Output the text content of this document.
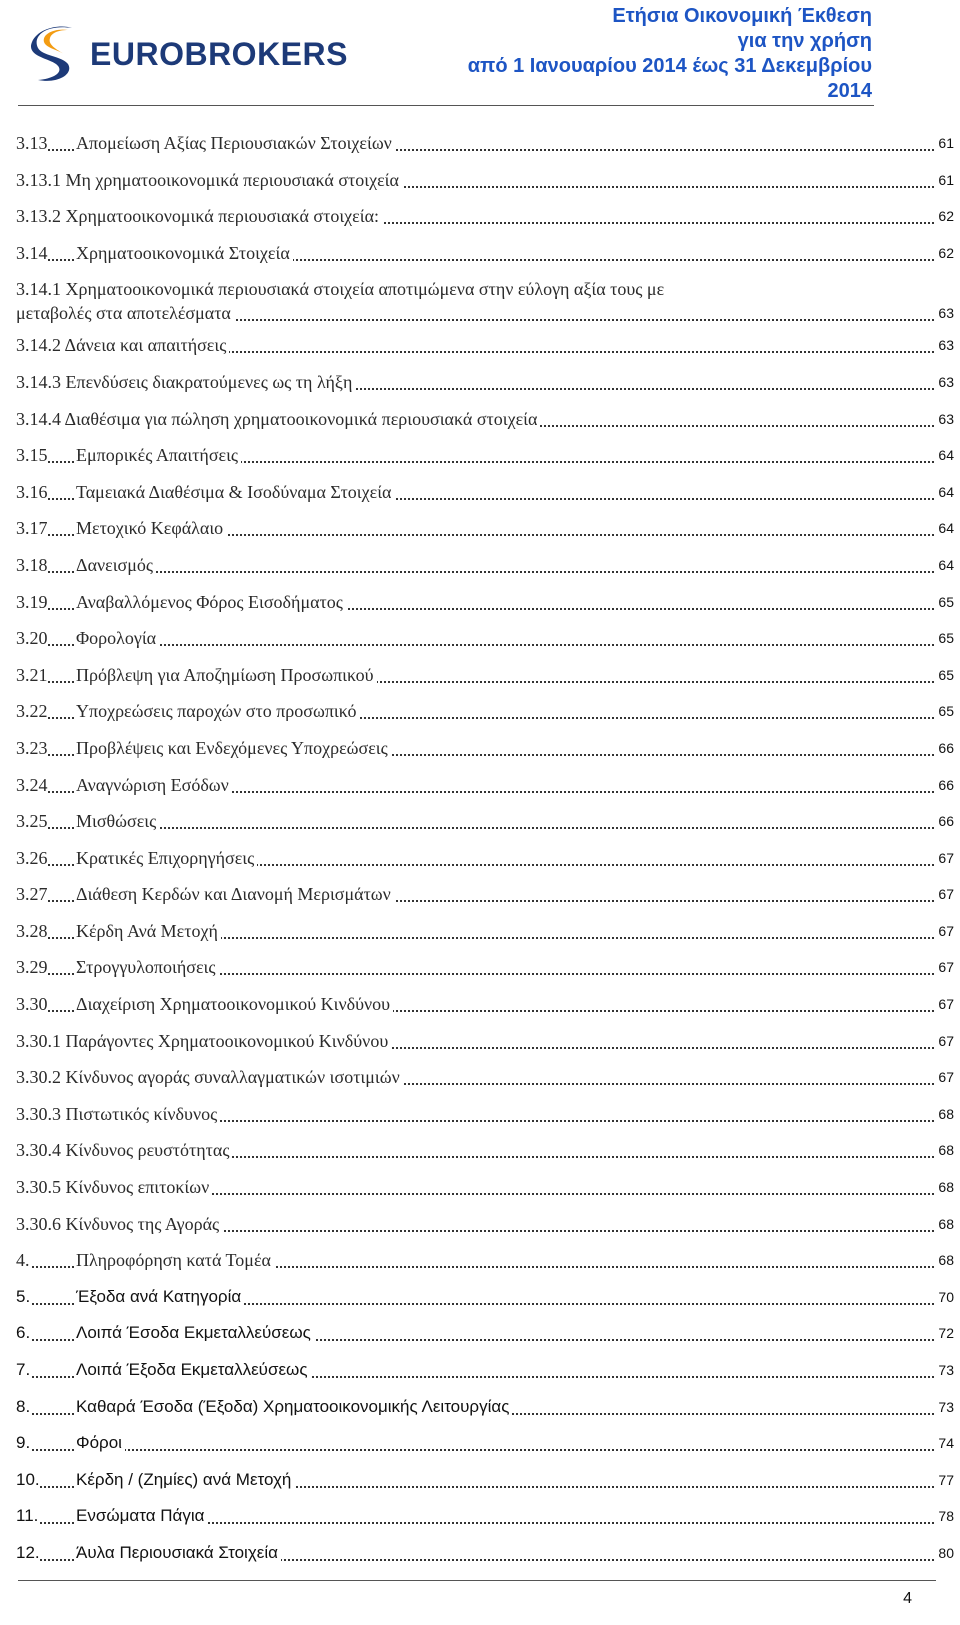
EUROBROKERS
Ετήσια Οικονομική Έκθεση
για την χρήση
από 1 Ιανουαρίου 2014 έως 31 Δεκεμβρίου
2014
3.13 Απομείωση Αξίας Περιουσιακών Στοιχείων	61
3.13.1 Μη χρηματοοικονομικά περιουσιακά στοιχεία	61
3.13.2 Χρηματοοικονομικά περιουσιακά στοιχεία:	62
3.14 Χρηματοοικονομικά Στοιχεία	62
3.14.1 Χρηματοοικονομικά περιουσιακά στοιχεία αποτιμώμενα στην εύλογη αξία τους με
μεταβολές στα αποτελέσματα	63
3.14.2 Δάνεια και απαιτήσεις	63
3.14.3 Επενδύσεις διακρατούμενες ως τη λήξη	63
3.14.4 Διαθέσιμα για πώληση χρηματοοικονομικά περιουσιακά στοιχεία	63
3.15 Εμπορικές Απαιτήσεις	64
3.16 Ταμειακά Διαθέσιμα & Ισοδύναμα Στοιχεία	64
3.17 Μετοχικό Κεφάλαιο	64
3.18 Δανεισμός	64
3.19 Αναβαλλόμενος Φόρος Εισοδήματος	65
3.20 Φορολογία	65
3.21 Πρόβλεψη για Αποζημίωση Προσωπικού	65
3.22 Υποχρεώσεις παροχών στο προσωπικό	65
3.23 Προβλέψεις και Ενδεχόμενες Υποχρεώσεις	66
3.24 Αναγνώριση Εσόδων	66
3.25 Μισθώσεις	66
3.26 Κρατικές Επιχορηγήσεις	67
3.27 Διάθεση Κερδών και Διανομή Μερισμάτων	67
3.28 Κέρδη Ανά Μετοχή	67
3.29 Στρογγυλοποιήσεις	67
3.30 Διαχείριση Χρηματοοικονομικού Κινδύνου	67
3.30.1 Παράγοντες Χρηματοοικονομικού Κινδύνου	67
3.30.2 Κίνδυνος αγοράς συναλλαγματικών ισοτιμιών	67
3.30.3 Πιστωτικός κίνδυνος	68
3.30.4 Κίνδυνος ρευστότητας	68
3.30.5 Κίνδυνος επιτοκίων	68
3.30.6 Κίνδυνος της Αγοράς	68
4.	Πληροφόρηση κατά Τομέα	68
5.	Έξοδα ανά Κατηγορία	70
6.	Λοιπά Έσοδα Εκμεταλλεύσεως	72
7.	Λοιπά Έξοδα Εκμεταλλεύσεως	73
8.	Καθαρά Έσοδα (Έξοδα) Χρηματοοικονομικής Λειτουργίας	73
9.	Φόροι	74
10. Κέρδη / (Ζημίες) ανά Μετοχή	77
11. Ενσώματα Πάγια	78
12. Άυλα Περιουσιακά Στοιχεία	80
4
